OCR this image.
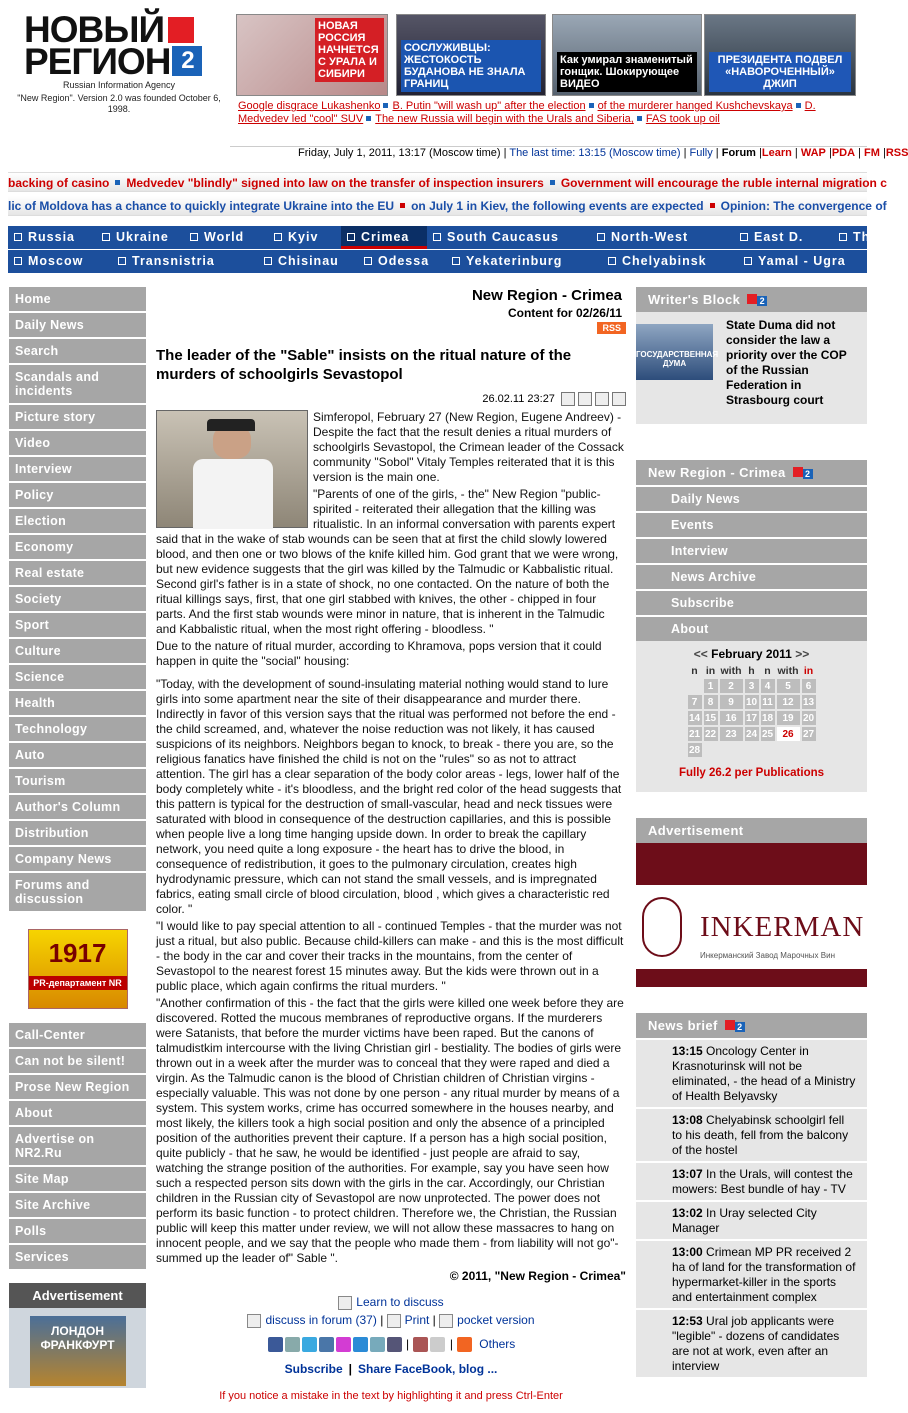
НОВЫЙ
РЕГИОН 2
Russian Information Agency
"New Region". Version 2.0 was founded October 6, 1998.
НОВАЯ РОССИЯ НАЧНЕТСЯ С УРАЛА И СИБИРИ
СОСЛУЖИВЦЫ: ЖЕСТОКОСТЬ БУДАНОВА НЕ ЗНАЛА ГРАНИЦ
Как умирал знаменитый гонщик. Шокирующее ВИДЕО
ПРЕЗИДЕНТА ПОДВЕЛ «НАВОРОЧЕННЫЙ» ДЖИП
Google disgrace Lukashenko B. Putin "will wash up" after the election of the murderer hanged Kushchevskaya D. Medvedev led "cool" SUV The new Russia will begin with the Urals and Siberia, FAS took up oil
Friday, July 1, 2011, 13:17 (Moscow time) | The last time: 13:15 (Moscow time) | Fully | Forum |Learn | WAP |PDA | FM |RSS
backing of casino Medvedev "blindly" signed into law on the transfer of inspection insurers Government will encourage the ruble internal migration c
lic of Moldova has a chance to quickly integrate Ukraine into the EU on July 1 in Kiev, the following events are expected Opinion: The convergence of
Russia	Ukraine	World	Kyiv	Crimea	South Caucasus	North-West	East D.	Th
Moscow	Transnistria	Chisinau	Odessa	Yekaterinburg	Chelyabinsk	Yamal - Ugra
Home
Daily News
Search
Scandals and incidents
Picture story
Video
Interview
Policy
Election
Economy
Real estate
Society
Sport
Culture
Science
Health
Technology
Auto
Tourism
Author's Column
Distribution
Company News
Forums and discussion
1917
PR-департамент NR
Call-Center
Can not be silent!
Prose New Region
About
Advertise on NR2.Ru
Site Map
Site Archive
Polls
Services
Advertisement
ЛОНДОН ФРАНКФУРТ
New Region - Crimea
Content for 02/26/11
RSS
The leader of the "Sable" insists on the ritual nature of the murders of schoolgirls Sevastopol
26.02.11 23:27

Simferopol, February 27 (New Region, Eugene Andreev) - Despite the fact that the result denies a ritual murders of schoolgirls Sevastopol, the Crimean leader of the Cossack community "Sobol" Vitaly Temples reiterated that it is this version is the main one.

"Parents of one of the girls, - the" New Region "public-spirited - reiterated their allegation that the killing was ritualistic. In an informal conversation with parents expert said that in the wake of stab wounds can be seen that at first the child slowly lowered blood, and then one or two blows of the knife killed him. God grant that we were wrong, but new evidence suggests that the girl was killed by the Talmudic or Kabbalistic ritual. Second girl's father is in a state of shock, no one contacted. On the nature of both the ritual killings says, first, that one girl stabbed with knives, the other - chipped in four parts. And the first stab wounds were minor in nature, that is inherent in the Talmudic and Kabbalistic ritual, when the most right offering - bloodless. "

Due to the nature of ritual murder, according to Khramova, pops version that it could happen in quite the "social" housing:

"Today, with the development of sound-insulating material nothing would stand to lure girls into some apartment near the site of their disappearance and murder there. Indirectly in favor of this version says that the ritual was performed not before the end - the child screamed, and, whatever the noise reduction was not likely, it has caused suspicions of its neighbors. Neighbors began to knock, to break - there you are, so the religious fanatics have finished the child is not on the "rules" so as not to attract attention. The girl has a clear separation of the body color areas - legs, lower half of the body completely white - it's bloodless, and the bright red color of the head suggests that this pattern is typical for the destruction of small-vascular, head and neck tissues were saturated with blood in consequence of the destruction capillaries, and this is possible when people live a long time hanging upside down. In order to break the capillary network, you need quite a long exposure - the heart has to drive the blood, in consequence of redistribution, it goes to the pulmonary circulation, creates high hydrodynamic pressure, which can not stand the small vessels, and is impregnated fabrics, eating small circle of blood circulation, blood , which gives a characteristic red color. "

"I would like to pay special attention to all - continued Temples - that the murder was not just a ritual, but also public. Because child-killers can make - and this is the most difficult - the body in the car and cover their tracks in the mountains, from the center of Sevastopol to the nearest forest 15 minutes away. But the kids were thrown out in a public place, which again confirms the ritual murders. "

"Another confirmation of this - the fact that the girls were killed one week before they are discovered. Rotted the mucous membranes of reproductive organs. If the murderers were Satanists, that before the murder victims have been raped. But the canons of talmudistkim intercourse with the living Christian girl - bestiality. The bodies of girls were thrown out in a week after the murder was to conceal that they were raped and died a virgin. As the Talmudic canon is the blood of Christian children of Christian virgins - especially valuable. This was not done by one person - any ritual murder by means of a system. This system works, crime has occurred somewhere in the houses nearby, and most likely, the killers took a high social position and only the absence of a principled position of the authorities prevent their capture. If a person has a high social position, quite publicly - that he saw, he would be identified - just people are afraid to say, watching the strange position of the authorities. For example, say you have seen how such a respected person sits down with the girls in the car. Accordingly, our Christian children in the Russian city of Sevastopol are now unprotected. The power does not perform its basic function - to protect children. Therefore we, the Christian, the Russian public will keep this matter under review, we will not allow these massacres to hang on innocent people, and we say that the people who made them - from liability will not go"- summed up the leader of" Sable ".

© 2011, "New Region - Crimea"
Learn to discuss
discuss in forum (37) | Print | pocket version
|	| Others
Subscribe | Share FaceBook, blog ...
If you notice a mistake in the text by highlighting it and press Ctrl-Enter
Writer's Block 2
ГОСУДАРСТВЕННАЯ ДУМА
State Duma did not consider the law a priority over the COP of the Russian Federation in Strasbourg court
New Region - Crimea 2
Daily News
Events
Interview
News Archive
Subscribe
About
<< February 2011 >>
n	in	with	h	n	with	in
	1	2	3	4	5	6
7	8	9	10	11	12	13
14	15	16	17	18	19	20
21	22	23	24	25	26	27
28						
Fully 26.2 per Publications
Advertisement
INKERMAN
Инкерманский Завод Марочных Вин
News brief 2
13:15 Oncology Center in Krasnoturinsk will not be eliminated, - the head of a Ministry of Health Belyavsky
13:08 Chelyabinsk schoolgirl fell to his death, fell from the balcony of the hostel
13:07 In the Urals, will contest the mowers: Best bundle of hay - TV
13:02 In Uray selected City Manager
13:00 Crimean MP PR received 2 ha of land for the transformation of hypermarket-killer in the sports and entertainment complex
12:53 Ural job applicants were "legible" - dozens of candidates are not at work, even after an interview
